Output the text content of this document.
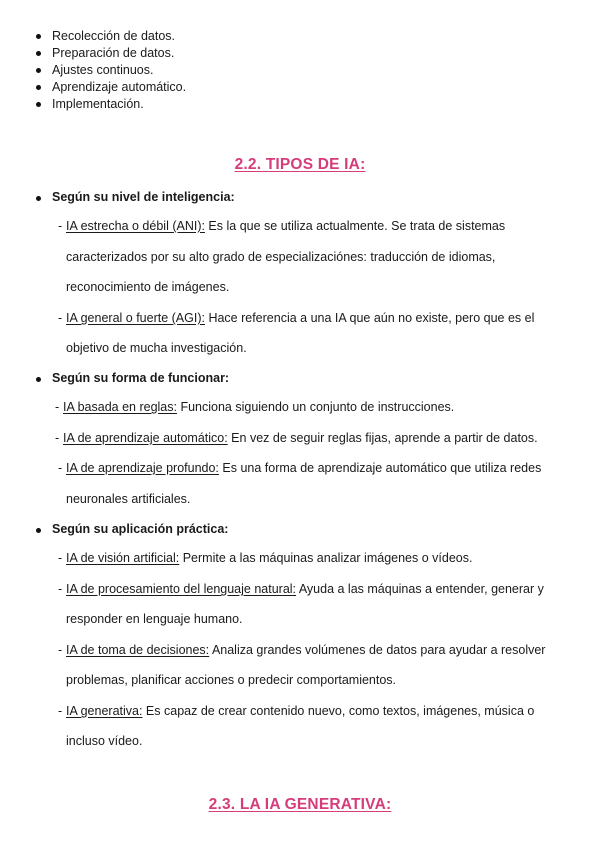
Recolección de datos.
Preparación de datos.
Ajustes continuos.
Aprendizaje automático.
Implementación.
2.2. TIPOS DE IA:
Según su nivel de inteligencia:
- IA estrecha o débil (ANI): Es la que se utiliza actualmente. Se trata de sistemas
caracterizados por su alto grado de especializaciónes: traducción de idiomas,
reconocimiento de imágenes.
- IA general o fuerte (AGI): Hace referencia a una IA que aún no existe, pero que es el
objetivo de mucha investigación.
Según su forma de funcionar:
- IA basada en reglas: Funciona siguiendo un conjunto de instrucciones.
- IA de aprendizaje automático: En vez de seguir reglas fijas, aprende a partir de datos.
- IA de aprendizaje profundo: Es una forma de aprendizaje automático que utiliza redes
neuronales artificiales.
Según su aplicación práctica:
- IA de visión artificial: Permite a las máquinas analizar imágenes o vídeos.
- IA de procesamiento del lenguaje natural: Ayuda a las máquinas a entender, generar y
responder en lenguaje humano.
- IA de toma de decisiones: Analiza grandes volúmenes de datos para ayudar a resolver
problemas, planificar acciones o predecir comportamientos.
- IA generativa: Es capaz de crear contenido nuevo, como textos, imágenes, música o
incluso vídeo.
2.3. LA IA GENERATIVA:
